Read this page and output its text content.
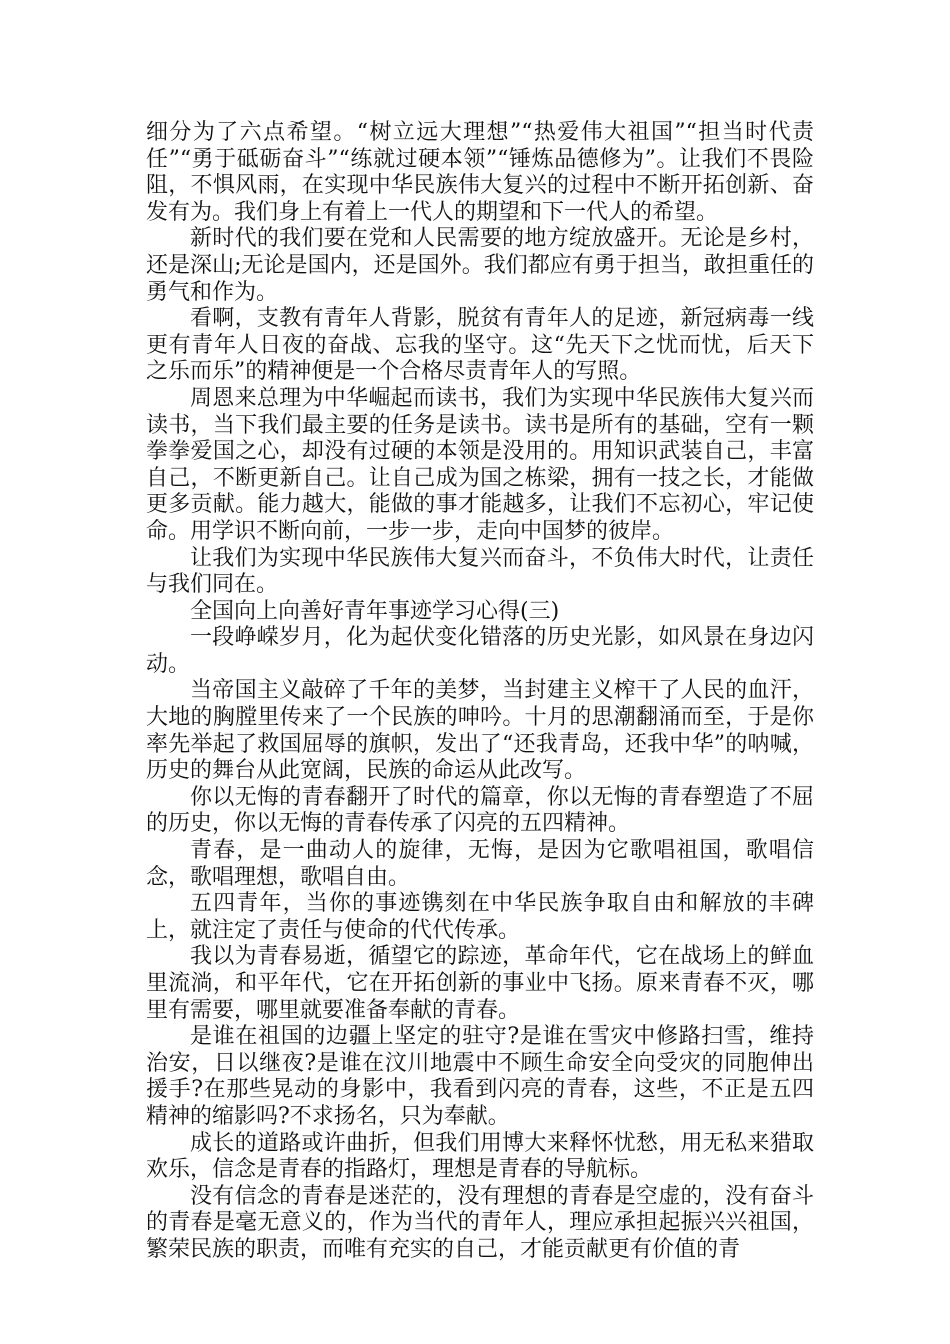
细分为了六点希望。“树立远大理想”“热爱伟大祖国”“担当时代责任”“勇于砥砺奋斗”“练就过硬本领”“锤炼品德修为”。让我们不畏险阻，不惧风雨，在实现中华民族伟大复兴的过程中不断开拓创新、奋发有为。我们身上有着上一代人的期望和下一代人的希望。

新时代的我们要在党和人民需要的地方绽放盛开。无论是乡村，还是深山;无论是国内，还是国外。我们都应有勇于担当，敢担重任的勇气和作为。

看啊，支教有青年人背影，脱贫有青年人的足迹，新冠病毒一线更有青年人日夜的奋战、忘我的坚守。这“先天下之忧而忧，后天下之乐而乐”的精神便是一个合格尽责青年人的写照。

周恩来总理为中华崛起而读书，我们为实现中华民族伟大复兴而读书，当下我们最主要的任务是读书。读书是所有的基础，空有一颗拳拳爱国之心，却没有过硬的本领是没用的。用知识武装自己，丰富自己，不断更新自己。让自己成为国之栋梁，拥有一技之长，才能做更多贡献。能力越大，能做的事才能越多，让我们不忘初心，牢记使命。用学识不断向前，一步一步，走向中国梦的彼岸。

让我们为实现中华民族伟大复兴而奋斗，不负伟大时代，让责任与我们同在。

全国向上向善好青年事迹学习心得(三)

一段峥嵘岁月，化为起伏变化错落的历史光影，如风景在身边闪动。

当帝国主义敲碎了千年的美梦，当封建主义榨干了人民的血汗，大地的胸膛里传来了一个民族的呻吟。十月的思潮翻涌而至，于是你率先举起了救国屈辱的旗帜，发出了“还我青岛，还我中华”的呐喊，历史的舞台从此宽阔，民族的命运从此改写。

你以无悔的青春翻开了时代的篇章，你以无悔的青春塑造了不屈的历史，你以无悔的青春传承了闪亮的五四精神。

青春，是一曲动人的旋律，无悔，是因为它歌唱祖国，歌唱信念，歌唱理想，歌唱自由。

五四青年，当你的事迹镌刻在中华民族争取自由和解放的丰碑上，就注定了责任与使命的代代传承。

我以为青春易逝，循望它的踪迹，革命年代，它在战场上的鲜血里流淌，和平年代，它在开拓创新的事业中飞扬。原来青春不灭，哪里有需要，哪里就要准备奉献的青春。

是谁在祖国的边疆上坚定的驻守?是谁在雪灾中修路扫雪，维持治安，日以继夜?是谁在汶川地震中不顾生命安全向受灾的同胞伸出援手?在那些晃动的身影中，我看到闪亮的青春，这些，不正是五四精神的缩影吗?不求扬名，只为奉献。

成长的道路或许曲折，但我们用博大来释怀忧愁，用无私来猎取欢乐，信念是青春的指路灯，理想是青春的导航标。

没有信念的青春是迷茫的，没有理想的青春是空虚的，没有奋斗的青春是毫无意义的，作为当代的青年人，理应承担起振兴兴祖国，繁荣民族的职责，而唯有充实的自己，才能贡献更有价值的青
